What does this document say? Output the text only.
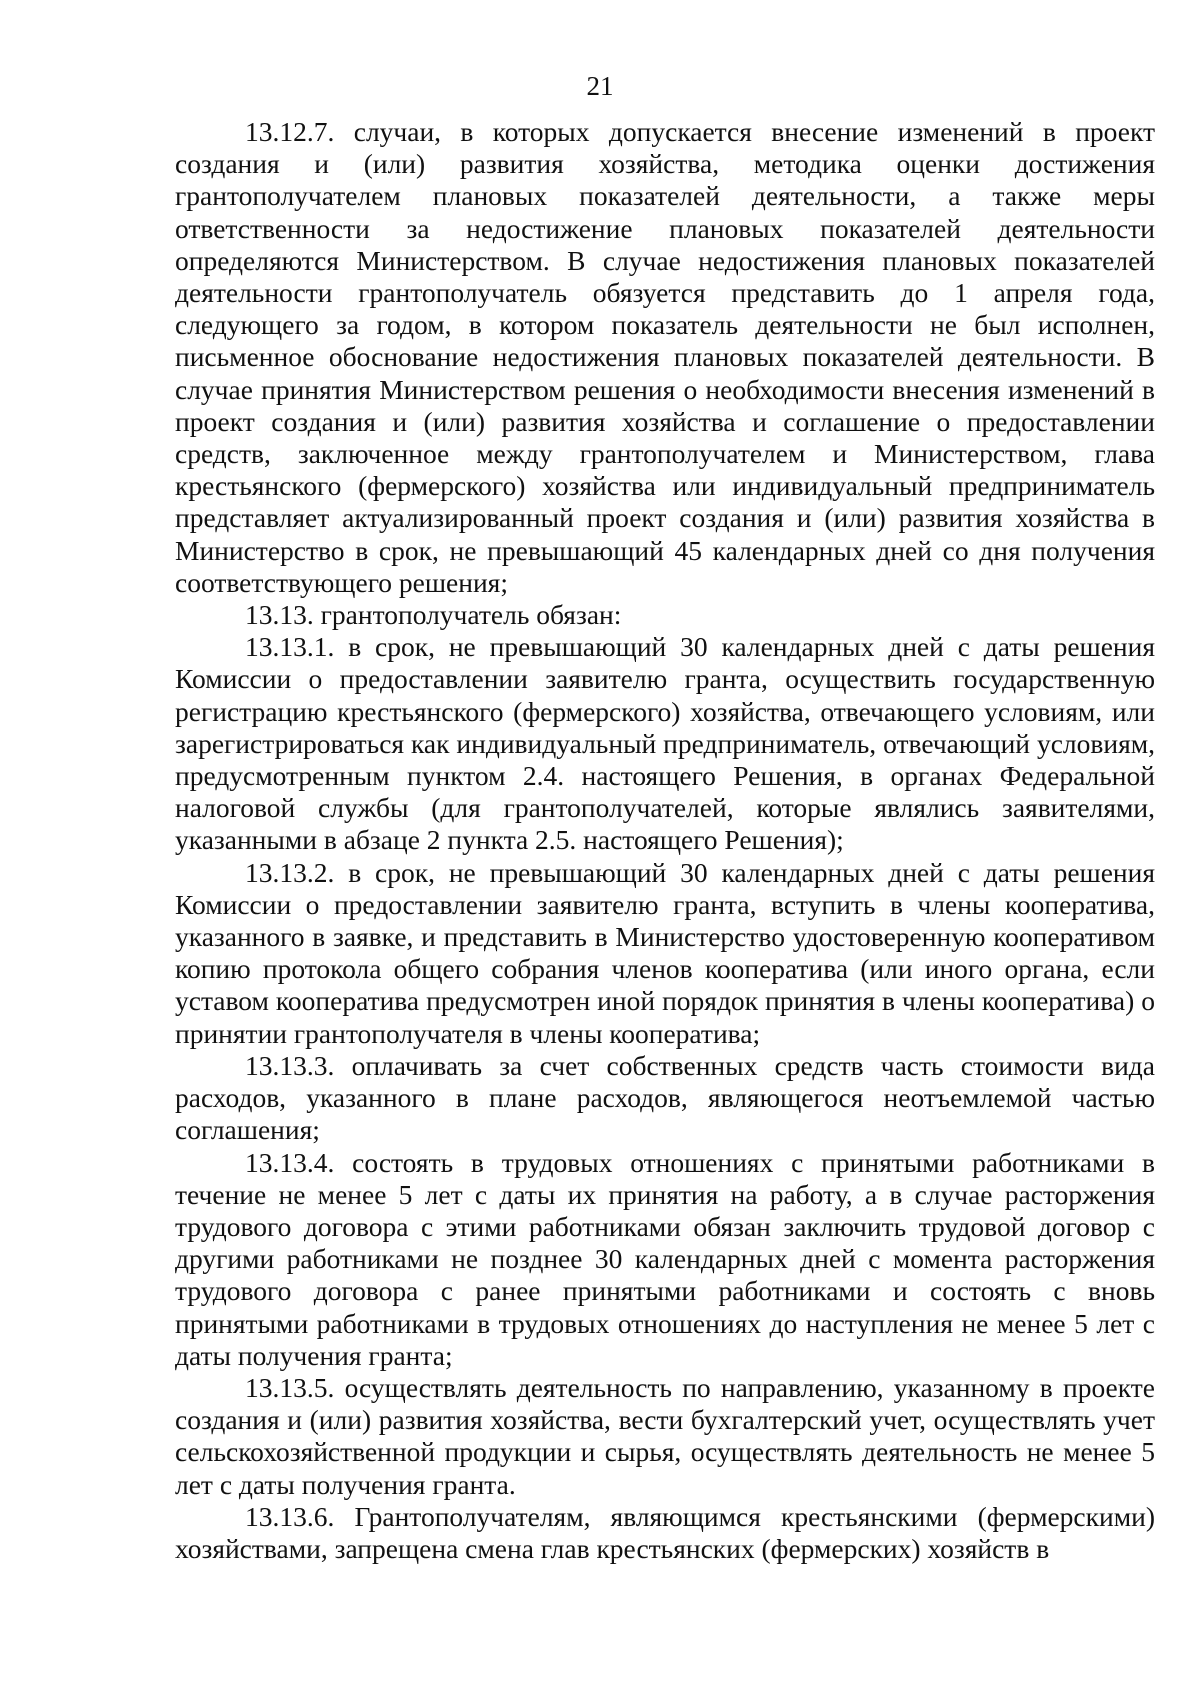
21

13.12.7. случаи, в которых допускается внесение изменений в проект создания и (или) развития хозяйства, методика оценки достижения грантополучателем плановых показателей деятельности, а также меры ответственности за недостижение плановых показателей деятельности определяются Министерством. В случае недостижения плановых показателей деятельности грантополучатель обязуется представить до 1 апреля года, следующего за годом, в котором показатель деятельности не был исполнен, письменное обоснование недостижения плановых показателей деятельности. В случае принятия Министерством решения о необходимости внесения изменений в проект создания и (или) развития хозяйства и соглашение о предоставлении средств, заключенное между грантополучателем и Министерством, глава крестьянского (фермерского) хозяйства или индивидуальный предприниматель представляет актуализированный проект создания и (или) развития хозяйства в Министерство в срок, не превышающий 45 календарных дней со дня получения соответствующего решения;

13.13. грантополучатель обязан:

13.13.1. в срок, не превышающий 30 календарных дней с даты решения Комиссии о предоставлении заявителю гранта, осуществить государственную регистрацию крестьянского (фермерского) хозяйства, отвечающего условиям, или зарегистрироваться как индивидуальный предприниматель, отвечающий условиям, предусмотренным пунктом 2.4. настоящего Решения, в органах Федеральной налоговой службы (для грантополучателей, которые являлись заявителями, указанными в абзаце 2 пункта 2.5. настоящего Решения);

13.13.2. в срок, не превышающий 30 календарных дней с даты решения Комиссии о предоставлении заявителю гранта, вступить в члены кооператива, указанного в заявке, и представить в Министерство удостоверенную кооперативом копию протокола общего собрания членов кооператива (или иного органа, если уставом кооператива предусмотрен иной порядок принятия в члены кооператива) о принятии грантополучателя в члены кооператива;

13.13.3. оплачивать за счет собственных средств часть стоимости вида расходов, указанного в плане расходов, являющегося неотъемлемой частью соглашения;

13.13.4. состоять в трудовых отношениях с принятыми работниками в течение не менее 5 лет с даты их принятия на работу, а в случае расторжения трудового договора с этими работниками обязан заключить трудовой договор с другими работниками не позднее 30 календарных дней с момента расторжения трудового договора с ранее принятыми работниками и состоять с вновь принятыми работниками в трудовых отношениях до наступления не менее 5 лет с даты получения гранта;

13.13.5. осуществлять деятельность по направлению, указанному в проекте создания и (или) развития хозяйства, вести бухгалтерский учет, осуществлять учет сельскохозяйственной продукции и сырья, осуществлять деятельность не менее 5 лет с даты получения гранта.

13.13.6. Грантополучателям, являющимся крестьянскими (фермерскими) хозяйствами, запрещена смена глав крестьянских (фермерских) хозяйств в
